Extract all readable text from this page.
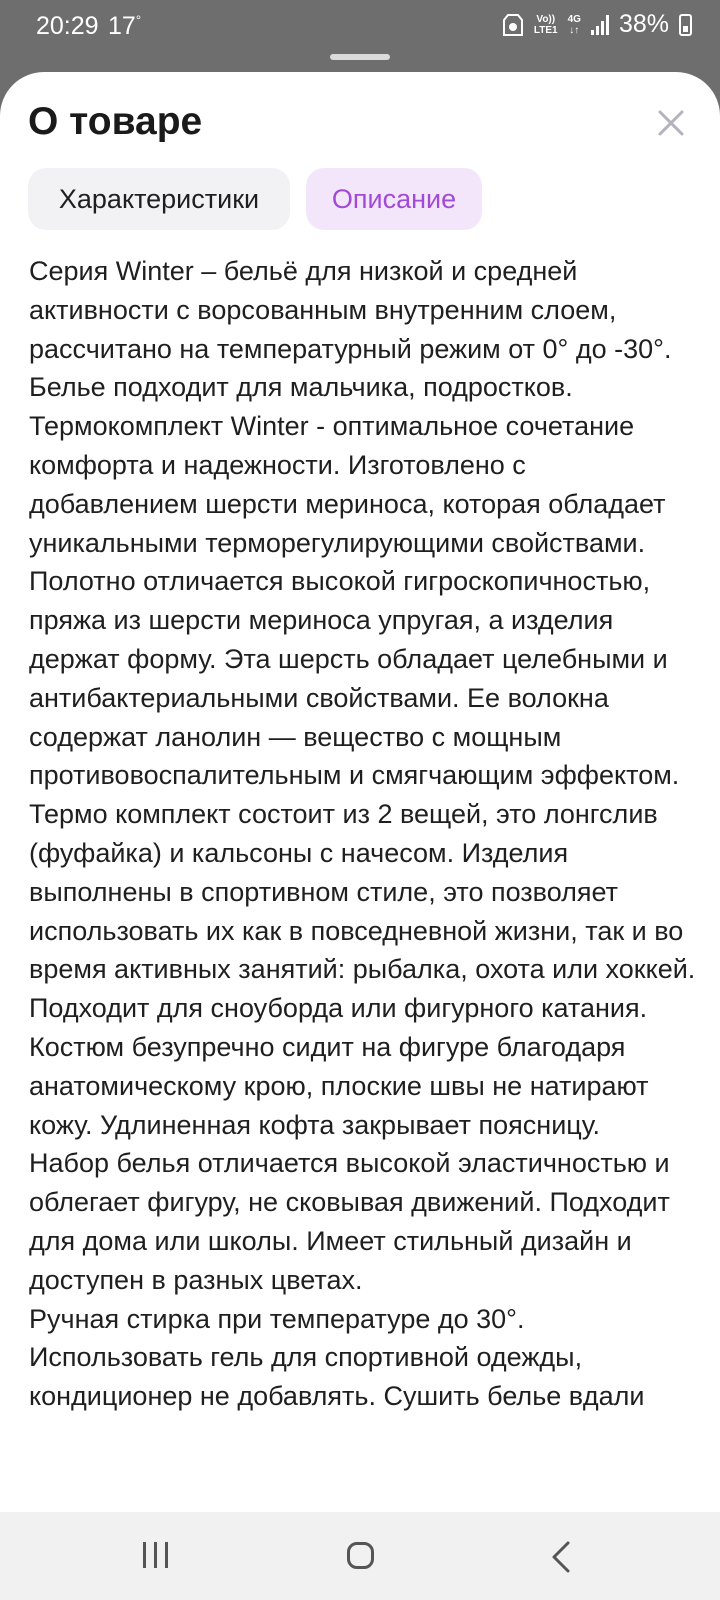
20:29 17°	Vo))
LTE1
4G
↓↑ 38%
О товаре
Характеристики	Описание

Серия Winter – бельё для низкой и средней активности с ворсованным внутренним слоем, рассчитано на температурный режим от 0° до -30°. Белье подходит для мальчика, подростков. Термокомплект Winter - оптимальное сочетание комфорта и надежности. Изготовлено с добавлением шерсти мериноса, которая обладает уникальными терморегулирующими свойствами. Полотно отличается высокой гигроскопичностью, пряжа из шерсти мериноса упругая, а изделия держат форму. Эта шерсть обладает целебными и антибактериальными свойствами. Ее волокна содержат ланолин — вещество с мощным противовоспалительным и смягчающим эффектом.

Термо комплект состоит из 2 вещей, это лонгслив (фуфайка) и кальсоны с начесом. Изделия выполнены в спортивном стиле, это позволяет использовать их как в повседневной жизни, так и во время активных занятий: рыбалка, охота или хоккей. Подходит для сноуборда или фигурного катания.

Костюм безупречно сидит на фигуре благодаря анатомическому крою, плоские швы не натирают кожу. Удлиненная кофта закрывает поясницу.

Набор белья отличается высокой эластичностью и облегает фигуру, не сковывая движений. Подходит для дома или школы. Имеет стильный дизайн и доступен в разных цветах.

Ручная стирка при температуре до 30°.

Использовать гель для спортивной одежды, кондиционер не добавлять. Сушить белье вдали
